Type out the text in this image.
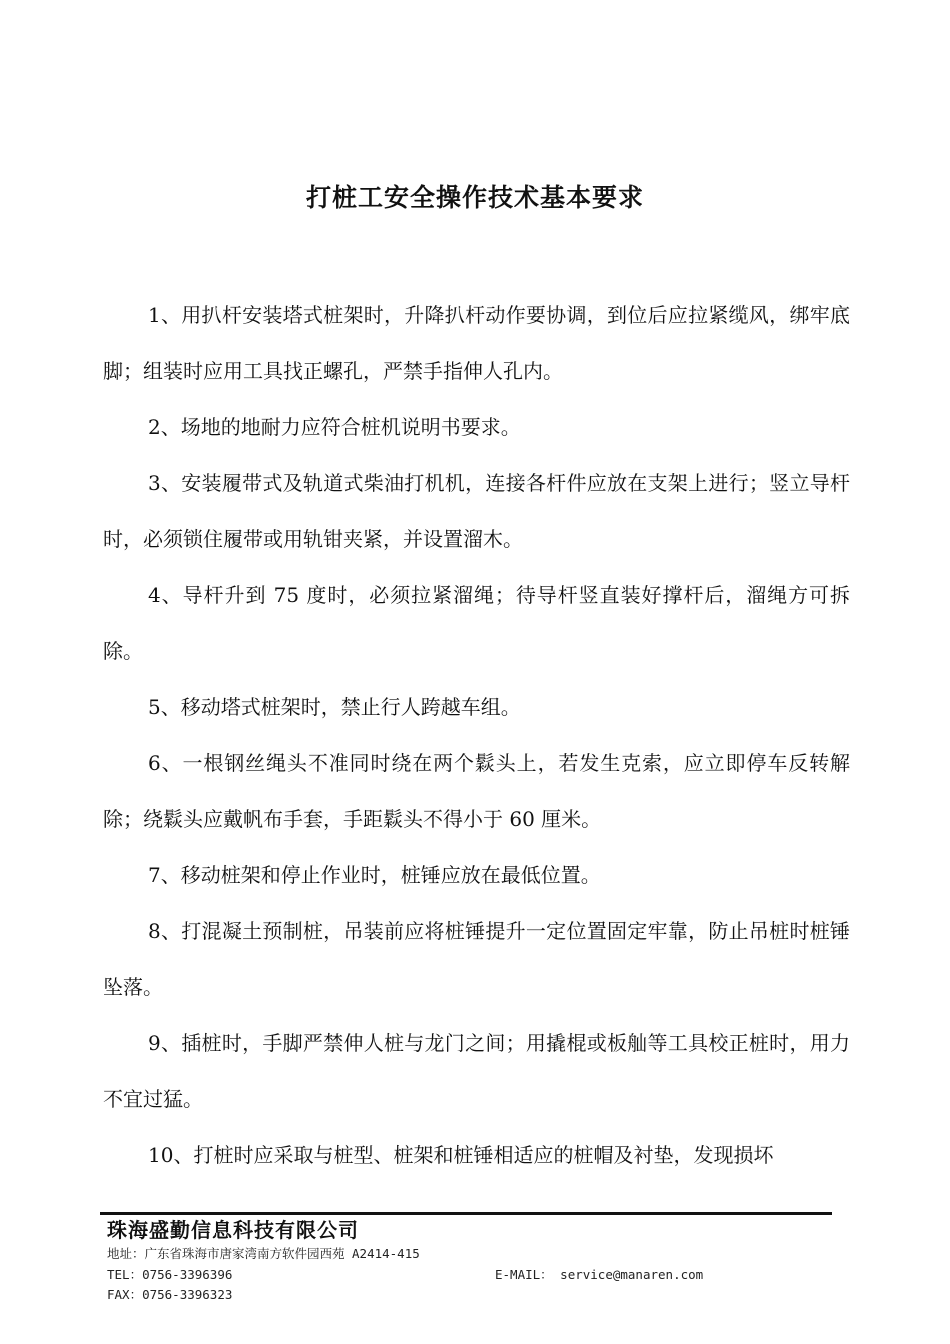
打桩工安全操作技术基本要求

1、用扒杆安装塔式桩架时，升降扒杆动作要协调，到位后应拉紧缆风，绑牢底脚；组装时应用工具找正螺孔，严禁手指伸人孔内。

2、场地的地耐力应符合桩机说明书要求。

3、安装履带式及轨道式柴油打机机，连接各杆件应放在支架上进行；竖立导杆时，必须锁住履带或用轨钳夹紧，并设置溜木。

4、导杆升到 75 度时，必须拉紧溜绳；待导杆竖直装好撑杆后，溜绳方可拆除。

5、移动塔式桩架时，禁止行人跨越车组。

6、一根钢丝绳头不准同时绕在两个鬏头上，若发生克索，应立即停车反转解除；绕鬏头应戴帆布手套，手距鬏头不得小于 60 厘米。

7、移动桩架和停止作业时，桩锤应放在最低位置。

8、打混凝土预制桩，吊装前应将桩锤提升一定位置固定牢靠，防止吊桩时桩锤坠落。

9、插桩时，手脚严禁伸人桩与龙门之间；用撬棍或板舢等工具校正桩时，用力不宜过猛。

10、打桩时应采取与桩型、桩架和桩锤相适应的桩帽及衬垫，发现损坏

珠海盛勤信息科技有限公司
地址：广东省珠海市唐家湾南方软件园西苑 A2414-415
TEL：0756-3396396
FAX：0756-3396323
E-MAIL： service@manaren.com
